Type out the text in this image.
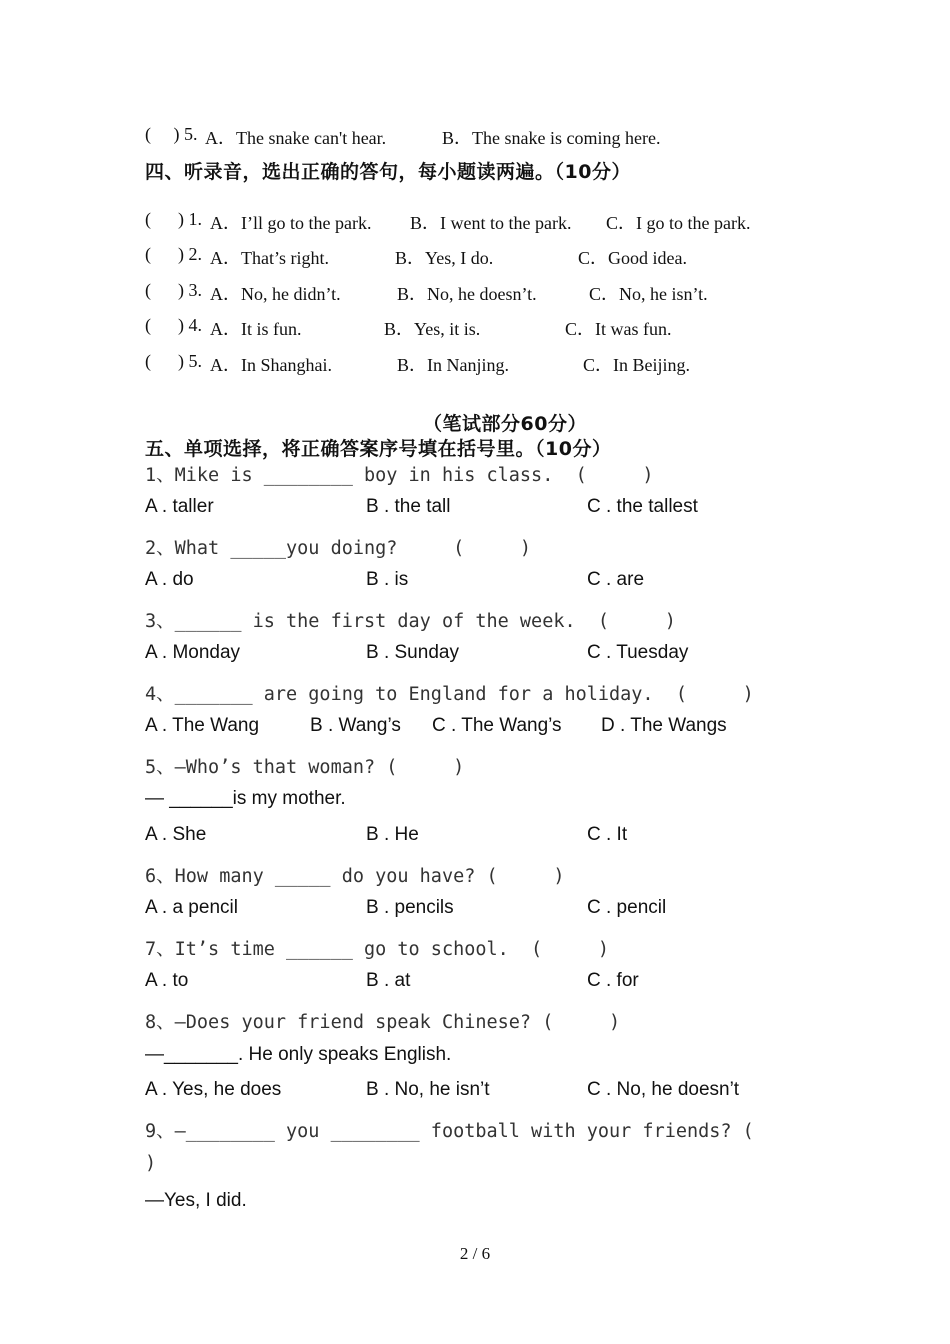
(     ) 5. A．The snake can't hear.	B．The snake is coming here.
四、听录音，选出正确的答句，每小题读两遍。（10分）
(      ) 1. A．I’ll go to the park. B．I went to the park. C．I go to the park.
(      ) 2. A．That’s right.	B．Yes, I do.	C．Good idea.
(      ) 3. A．No, he didn’t.	B．No, he doesn’t.	C．No, he isn’t.
(      ) 4. A．It is fun.	B．Yes, it is.	C．It was fun.
(      ) 5. A．In Shanghai.	B．In Nanjing.	C．In Beijing.
（笔试部分60分）
五、单项选择，将正确答案序号填在括号里。（10分）
1、Mike is ________ boy in his class.  (     )
A . taller	B . the tall	C . the tallest
2、What _____you doing?     (     )
A . do	B . is	C . are
3、______ is the first day of the week.  (     )
A . Monday	B . Sunday	C . Tuesday
4、_______ are going to England for a holiday.  (     )
A . The Wang	B . Wang’s C . The Wang’s D . The Wangs
5、—Who’s that woman? (     )
— ______is my mother.
A . She	B . He	C . It
6、How many _____ do you have? (     )
A . a pencil	B . pencils	C . pencil
7、It’s time ______ go to school.  (     )
A . to	B . at	C . for
8、—Does your friend speak Chinese? (     )
—_______. He only speaks English.
A . Yes, he does	B . No, he isn’t	C . No, he doesn’t
9、—________ you ________ football with your friends? (
)
—Yes, I did.
2 / 6
